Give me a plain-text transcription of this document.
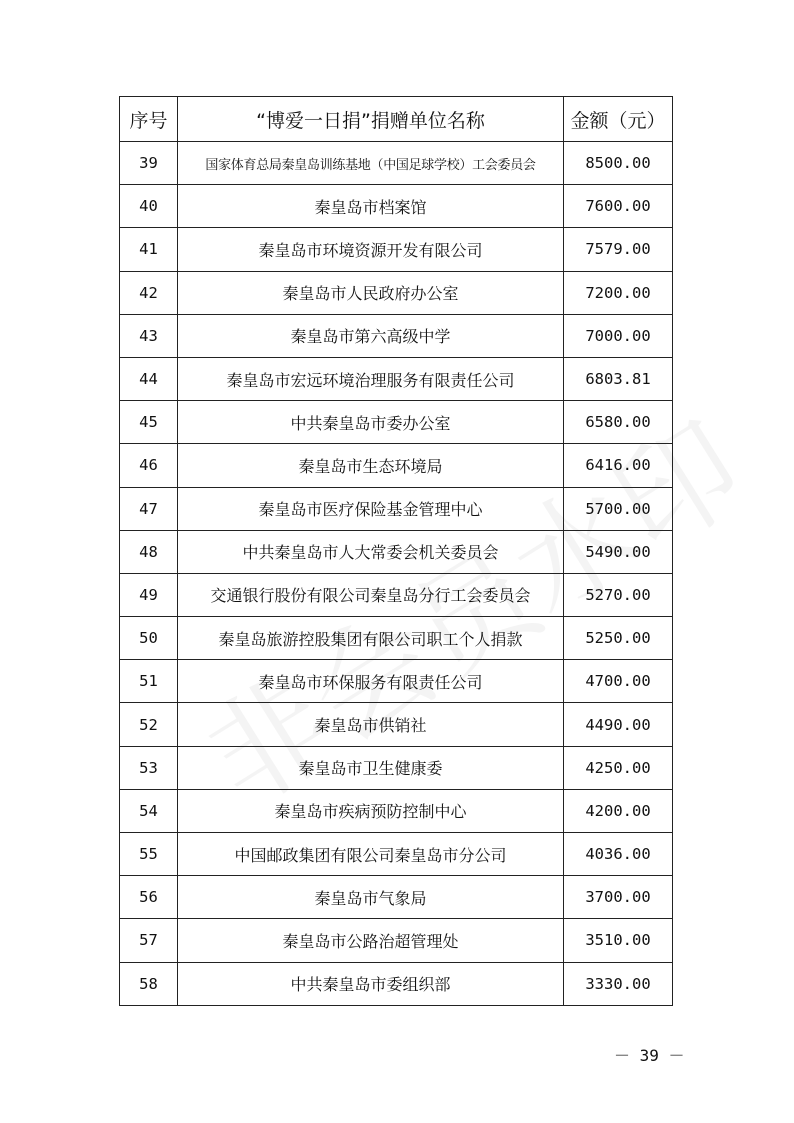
序号	“博爱一日捐”捐赠单位名称	金额（元）
39	国家体育总局秦皇岛训练基地（中国足球学校）工会委员会	8500.00
40	秦皇岛市档案馆	7600.00
41	秦皇岛市环境资源开发有限公司	7579.00
42	秦皇岛市人民政府办公室	7200.00
43	秦皇岛市第六高级中学	7000.00
44	秦皇岛市宏远环境治理服务有限责任公司	6803.81
45	中共秦皇岛市委办公室	6580.00
46	秦皇岛市生态环境局	6416.00
47	秦皇岛市医疗保险基金管理中心	5700.00
48	中共秦皇岛市人大常委会机关委员会	5490.00
49	交通银行股份有限公司秦皇岛分行工会委员会	5270.00
50	秦皇岛旅游控股集团有限公司职工个人捐款	5250.00
51	秦皇岛市环保服务有限责任公司	4700.00
52	秦皇岛市供销社	4490.00
53	秦皇岛市卫生健康委	4250.00
54	秦皇岛市疾病预防控制中心	4200.00
55	中国邮政集团有限公司秦皇岛市分公司	4036.00
56	秦皇岛市气象局	3700.00
57	秦皇岛市公路治超管理处	3510.00
58	中共秦皇岛市委组织部	3330.00
－ 39 －
